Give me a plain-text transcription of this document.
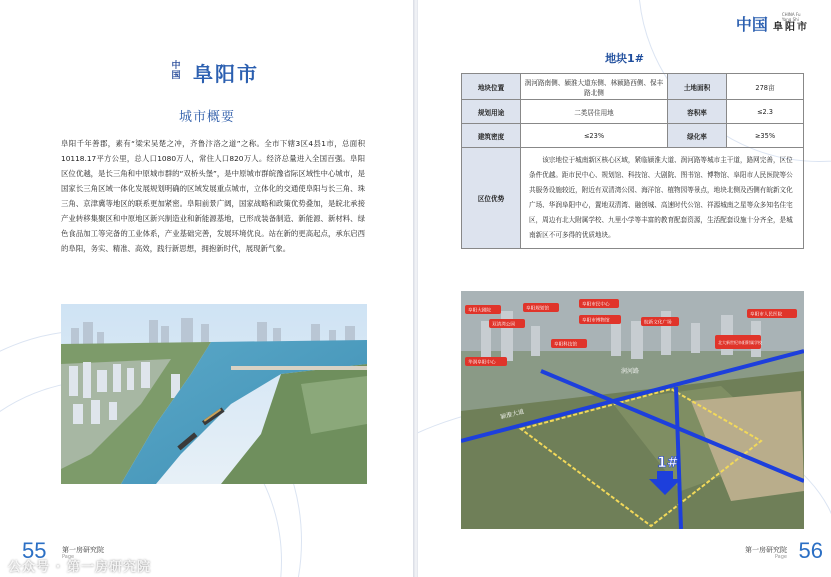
中国 阜阳市
城市概要

阜阳千年善郡，素有“梁宋吴楚之冲，齐鲁汴洛之道”之称。全市下辖3区4县1市，总面积10118.17平方公里，总人口1080万人，常住人口820万人。经济总量进入全国百强。阜阳区位优越，是长三角和中原城市群的“双桥头堡”，是中原城市群皖豫省际区域性中心城市，是国家长三角区域一体化发展规划明确的区域发展重点城市，立体化的交通使阜阳与长三角、珠三角、京津冀等地区的联系更加紧密。阜阳前景广阔，国家战略和政策优势叠加，是皖北承接产业转移集聚区和中原地区新兴制造业和新能源基地，已形成装备制造、新能源、新材料、绿色食品加工等完备的工业体系，产业基础完善，发展环境优良。站在新的更高起点，承东启西的阜阳，务实、精准、高效，践行新思想，拥抱新时代，展现新气象。

55 第一房研究院
Page
公众号 · 第一房研究院
中国
CHINA Fu Yang Shi
阜阳市
地块1#
地块位置	润河路南侧、颍淮大道东侧、林颍路西侧、保丰路北侧	土地面积	278亩
规划用途	二类居住用地	容积率	≤2.3
建筑密度	≤23%	绿化率	≥35%
区位优势	该宗地位于城南新区核心区域，紧临颍淮大道、润河路等城市主干道，路网完善，区位条件优越。距市民中心、规划馆、科技馆、大剧院、图书馆、博物馆、阜阳市人民医院等公共服务设施较近，附近有双清湾公园、海洋馆、植物园等景点，地块北侧及西侧有皖新文化广场、华润阜阳中心，置地双清湾、融创城、高速时代公馆、祥源城南之星等众多知名住宅区，周边有北大附属学校、九里小学等丰富的教育配套资源，生活配套设施十分齐全，是城南新区不可多得的优质地块。		
颍淮大道
润河路
1#
阜阳大剧院	阜阳规划馆
阜阳市民中心
双清湾公园
阜阳市博物馆
阜阳科技馆
华润阜阳中心
皖新文化广场
北大新世纪阜阳附属学校
阜阳市人民医院
第一房研究院
Page 56
